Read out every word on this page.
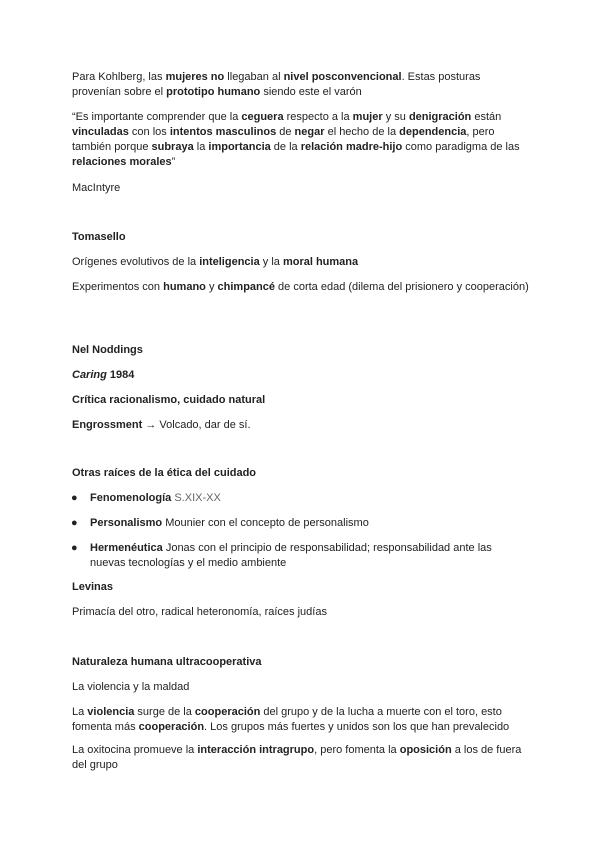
Para Kohlberg, las mujeres no llegaban al nivel posconvencional. Estas posturas provenían sobre el prototipo humano siendo este el varón

“Es importante comprender que la ceguera respecto a la mujer y su denigración están vinculadas con los intentos masculinos de negar el hecho de la dependencia, pero también porque subraya la importancia de la relación madre-hijo como paradigma de las relaciones morales”

MacIntyre

Tomasello

Orígenes evolutivos de la inteligencia y la moral humana

Experimentos con humano y chimpancé de corta edad (dilema del prisionero y cooperación)

Nel Noddings

Caring 1984

Crítica racionalismo, cuidado natural

Engrossment → Volcado, dar de sí.

Otras raíces de la ética del cuidado

● Fenomenología S.XIX-XX

● Personalismo Mounier con el concepto de personalismo

● Hermenéutica Jonas con el principio de responsabilidad; responsabilidad ante las nuevas tecnologías y el medio ambiente

Levinas

Primacía del otro, radical heteronomía, raíces judías

Naturaleza humana ultracooperativa

La violencia y la maldad

La violencia surge de la cooperación del grupo y de la lucha a muerte con el toro, esto fomenta más cooperación. Los grupos más fuertes y unidos son los que han prevalecido

La oxitocina promueve la interacción intragrupo, pero fomenta la oposición a los de fuera del grupo
